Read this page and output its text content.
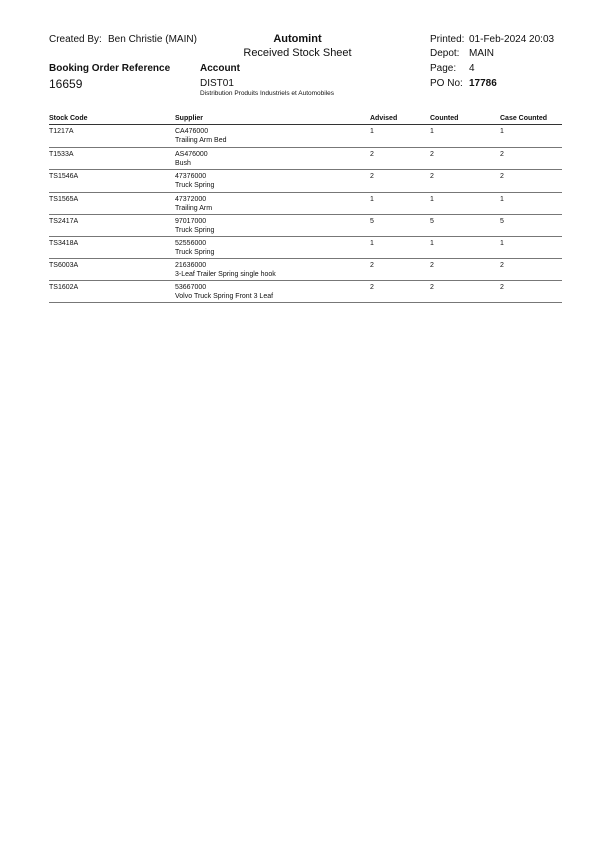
Created By: Ben Christie (MAIN)	Automint
Received Stock Sheet
Printed: 01-Feb-2024 20:03
Depot: MAIN
Page: 4
PO No: 17786
Booking Order Reference
16659
Account
DIST01
Distribution Produits Industriels et Automobiles
Stock Code	Supplier	Advised	Counted	Case Counted
T1217A	CA476000
Trailing Arm Bed
1	1	1
T1533A	AS476000
Bush
2	2	2
TS1546A	47376000
Truck Spring
2	2	2
TS1565A	47372000
Trailing Arm
1	1	1
TS2417A	97017000
Truck Spring
5	5	5
TS3418A	52556000
Truck Spring
1	1	1
TS6003A	21636000
3-Leaf Trailer Spring single hook
2	2	2
TS1602A	53667000
Volvo Truck Spring Front 3 Leaf
2	2	2
